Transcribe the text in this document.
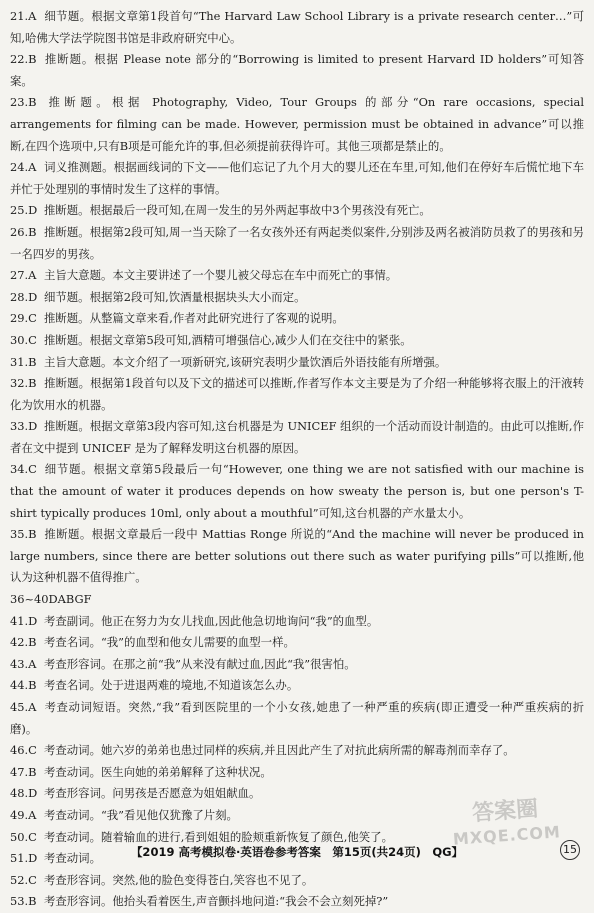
21.A 细节题。根据文章第1段首句“The Harvard Law School Library is a private research center…”可知,哈佛大学法学院图书馆是非政府研究中心。

22.B 推断题。根据 Please note 部分的“Borrowing is limited to present Harvard ID holders”可知答案。

23.B 推断题。根据 Photography, Video, Tour Groups 的部分“On rare occasions, special arrangements for filming can be made. However, permission must be obtained in advance”可以推断,在四个选项中,只有B项是可能允许的事,但必须提前获得许可。其他三项都是禁止的。

24.A 词义推测题。根据画线词的下文——他们忘记了九个月大的婴儿还在车里,可知,他们在停好车后慌忙地下车并忙于处理别的事情时发生了这样的事情。

25.D 推断题。根据最后一段可知,在周一发生的另外两起事故中3个男孩没有死亡。

26.B 推断题。根据第2段可知,周一当天除了一名女孩外还有两起类似案件,分别涉及两名被消防员救了的男孩和另一名四岁的男孩。

27.A 主旨大意题。本文主要讲述了一个婴儿被父母忘在车中而死亡的事情。

28.D 细节题。根据第2段可知,饮酒量根据块头大小而定。

29.C 推断题。从整篇文章来看,作者对此研究进行了客观的说明。

30.C 推断题。根据文章第5段可知,酒精可增强信心,减少人们在交往中的紧张。

31.B 主旨大意题。本文介绍了一项新研究,该研究表明少量饮酒后外语技能有所增强。

32.B 推断题。根据第1段首句以及下文的描述可以推断,作者写作本文主要是为了介绍一种能够将衣服上的汗液转化为饮用水的机器。

33.D 推断题。根据文章第3段内容可知,这台机器是为 UNICEF 组织的一个活动而设计制造的。由此可以推断,作者在文中提到 UNICEF 是为了解释发明这台机器的原因。

34.C 细节题。根据文章第5段最后一句“However, one thing we are not satisfied with our machine is that the amount of water it produces depends on how sweaty the person is, but one person's T-shirt typically produces 10ml, only about a mouthful”可知,这台机器的产水量太小。

35.B 推断题。根据文章最后一段中 Mattias Ronge 所说的“And the machine will never be produced in large numbers, since there are better solutions out there such as water purifying pills”可以推断,他认为这种机器不值得推广。

36~40DABGF

41.D 考查副词。他正在努力为女儿找血,因此他急切地询问“我”的血型。

42.B 考查名词。“我”的血型和他女儿需要的血型一样。

43.A 考查形容词。在那之前“我”从来没有献过血,因此“我”很害怕。

44.B 考查名词。处于进退两难的境地,不知道该怎么办。

45.A 考查动词短语。突然,“我”看到医院里的一个小女孩,她患了一种严重的疾病(即正遭受一种严重疾病的折磨)。

46.C 考查动词。她六岁的弟弟也患过同样的疾病,并且因此产生了对抗此病所需的解毒剂而幸存了。

47.B 考查动词。医生向她的弟弟解释了这种状况。

48.D 考查形容词。问男孩是否愿意为姐姐献血。

49.A 考查动词。“我”看见他仅犹豫了片刻。

50.C 考查动词。随着输血的进行,看到姐姐的脸颊重新恢复了颜色,他笑了。

51.D 考查动词。

52.C 考查形容词。突然,他的脸色变得苍白,笑容也不见了。

53.B 考查形容词。他抬头看着医生,声音颤抖地问道:“我会不会立刻死掉?”

答案圈
MXQE.COM
【2019 高考模拟卷·英语卷参考答案　第15页(共24页)　QG】	15
